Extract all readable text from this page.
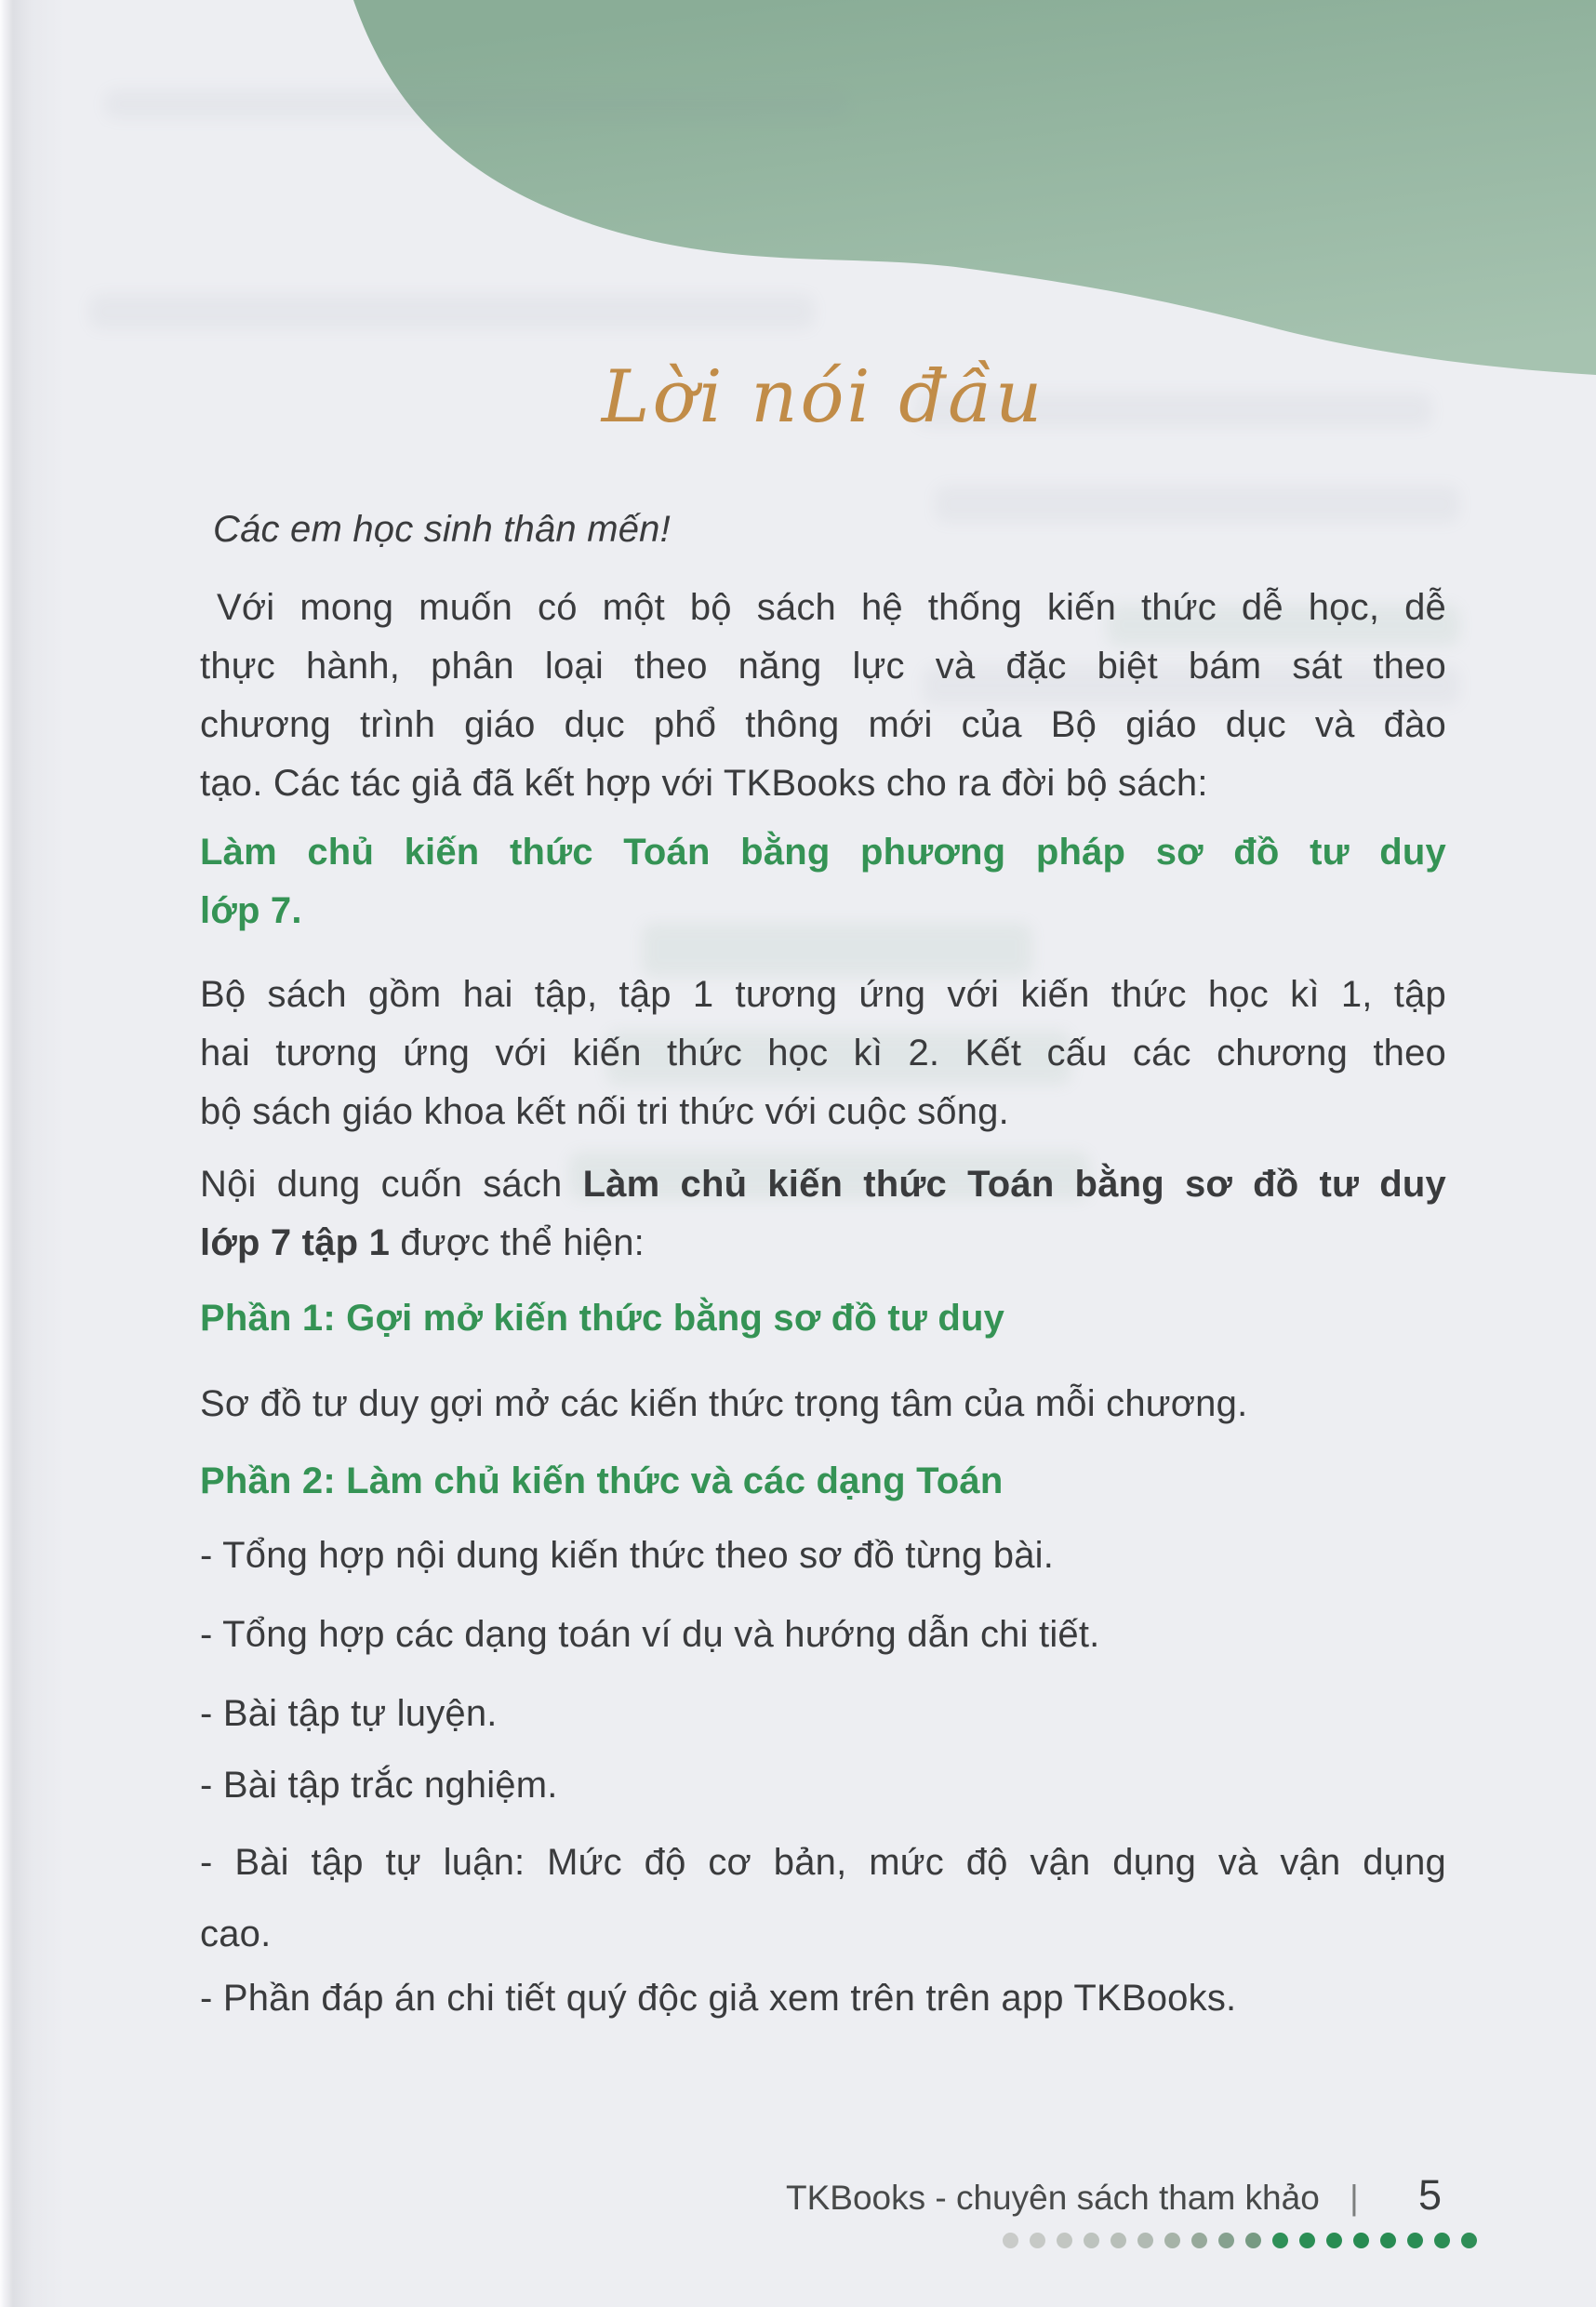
Lời nói đầu
Các em học sinh thân mến!
Với mong muốn có một bộ sách hệ thống kiến thức dễ học, dễ
thực hành, phân loại theo năng lực và đặc biệt bám sát theo
chương trình giáo dục phổ thông mới của Bộ giáo dục và đào
tạo. Các tác giả đã kết hợp với TKBooks cho ra đời bộ sách:
Làm chủ kiến thức Toán bằng phương pháp sơ đồ tư duy
lớp 7.
Bộ sách gồm hai tập, tập 1 tương ứng với kiến thức học kì 1, tập
hai tương ứng với kiến thức học kì 2. Kết cấu các chương theo
bộ sách giáo khoa kết nối tri thức với cuộc sống.
Nội dung cuốn sách Làm chủ kiến thức Toán bằng sơ đồ tư duy
lớp 7 tập 1 được thể hiện:
Phần 1: Gợi mở kiến thức bằng sơ đồ tư duy
Sơ đồ tư duy gợi mở các kiến thức trọng tâm của mỗi chương.
Phần 2: Làm chủ kiến thức và các dạng Toán
- Tổng hợp nội dung kiến thức theo sơ đồ từng bài.
- Tổng hợp các dạng toán ví dụ và hướng dẫn chi tiết.
- Bài tập tự luyện.
- Bài tập trắc nghiệm.
- Bài tập tự luận: Mức độ cơ bản, mức độ vận dụng và vận dụng
cao.
- Phần đáp án chi tiết quý độc giả xem trên trên app TKBooks.
TKBooks - chuyên sách tham khảo | 5
